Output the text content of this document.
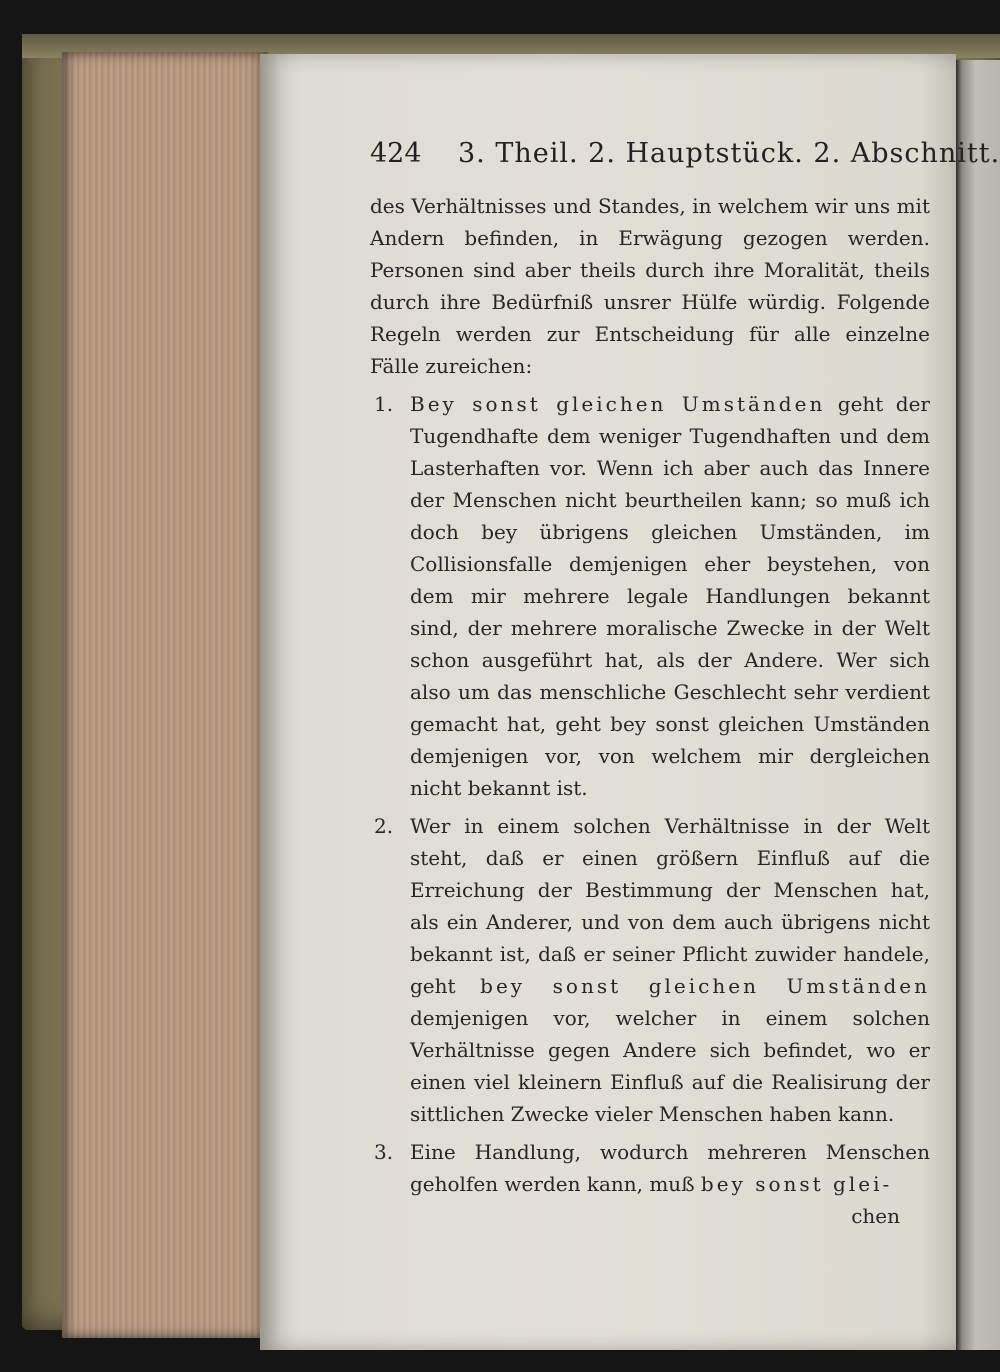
424 3. Theil. 2. Hauptstück. 2. Abschnitt.

des Verhältnisses und Standes, in welchem wir uns mit Andern befinden, in Erwägung gezogen werden. Personen sind aber theils durch ihre Moralität, theils durch ihre Bedürfniß unsrer Hülfe würdig. Folgende Regeln werden zur Entscheidung für alle einzelne Fälle zureichen:

1. Bey sonst gleichen Umständen geht der Tugendhafte dem weniger Tugendhaften und dem Lasterhaften vor. Wenn ich aber auch das Innere der Menschen nicht beurtheilen kann; so muß ich doch bey übrigens gleichen Umständen, im Collisionsfalle demjenigen eher beystehen, von dem mir mehrere legale Handlungen bekannt sind, der mehrere moralische Zwecke in der Welt schon ausgeführt hat, als der Andere. Wer sich also um das menschliche Geschlecht sehr verdient gemacht hat, geht bey sonst gleichen Umständen demjenigen vor, von welchem mir dergleichen nicht bekannt ist.
2. Wer in einem solchen Verhältnisse in der Welt steht, daß er einen größern Einfluß auf die Erreichung der Bestimmung der Menschen hat, als ein Anderer, und von dem auch übrigens nicht bekannt ist, daß er seiner Pflicht zuwider handele, geht bey sonst gleichen Umständen demjenigen vor, welcher in einem solchen Verhältnisse gegen Andere sich befindet, wo er einen viel kleinern Einfluß auf die Realisirung der sittlichen Zwecke vieler Menschen haben kann.
3. Eine Handlung, wodurch mehreren Menschen geholfen werden kann, muß bey sonst glei-

chen
